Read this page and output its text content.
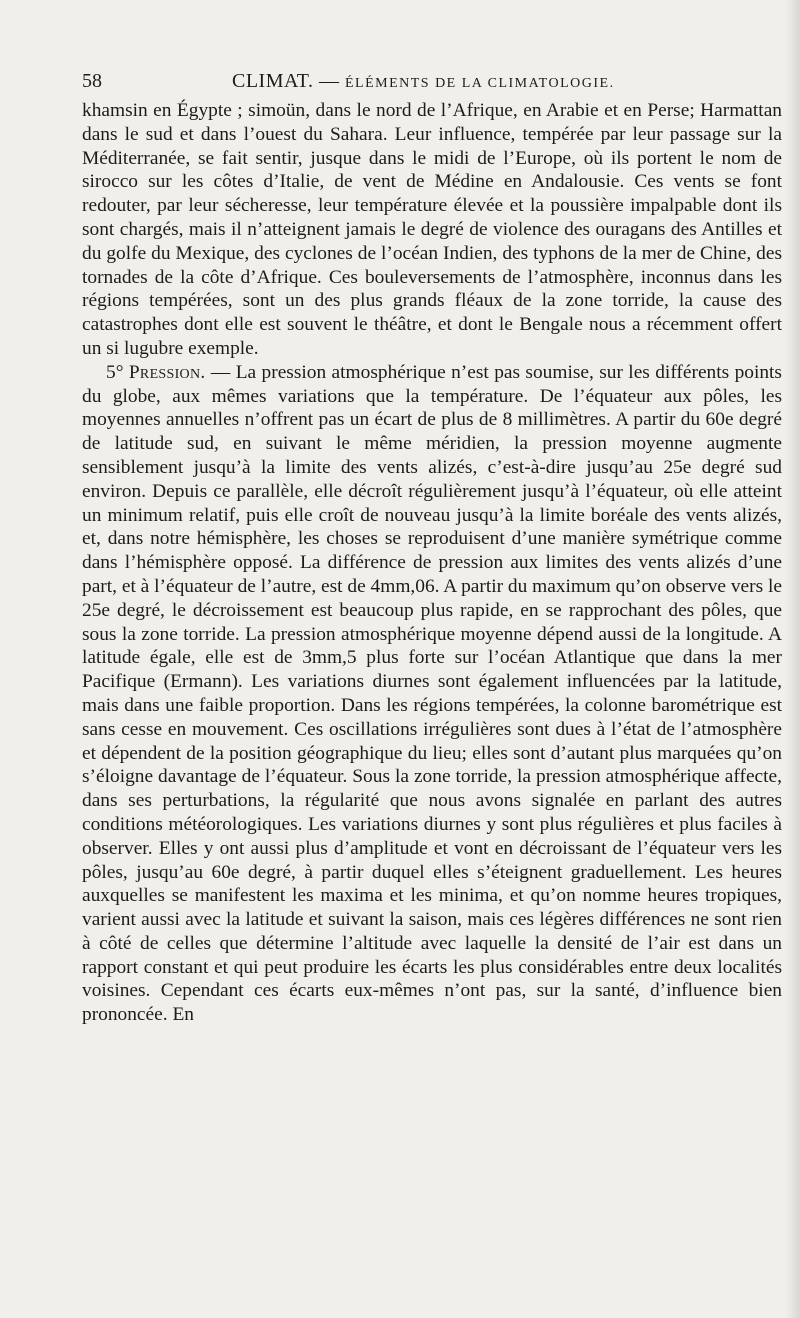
58	CLIMAT. — ÉLÉMENTS DE LA CLIMATOLOGIE.

khamsin en Égypte ; simoün, dans le nord de l’Afrique, en Arabie et en Perse; Harmattan dans le sud et dans l’ouest du Sahara. Leur influence, tempérée par leur passage sur la Méditerranée, se fait sentir, jusque dans le midi de l’Europe, où ils portent le nom de sirocco sur les côtes d’Italie, de vent de Médine en Andalousie. Ces vents se font redouter, par leur sécheresse, leur température élevée et la poussière impalpable dont ils sont chargés, mais il n’atteignent jamais le degré de violence des ouragans des Antilles et du golfe du Mexique, des cyclones de l’océan Indien, des typhons de la mer de Chine, des tornades de la côte d’Afrique. Ces bouleversements de l’atmosphère, inconnus dans les régions tempérées, sont un des plus grands fléaux de la zone torride, la cause des catastrophes dont elle est souvent le théâtre, et dont le Bengale nous a récemment offert un si lugubre exemple.

5° Pression. — La pression atmosphérique n’est pas soumise, sur les différents points du globe, aux mêmes variations que la température. De l’équateur aux pôles, les moyennes annuelles n’offrent pas un écart de plus de 8 millimètres. A partir du 60e degré de latitude sud, en suivant le même méridien, la pression moyenne augmente sensiblement jusqu’à la limite des vents alizés, c’est-à-dire jusqu’au 25e degré sud environ. Depuis ce parallèle, elle décroît régulièrement jusqu’à l’équateur, où elle atteint un minimum relatif, puis elle croît de nouveau jusqu’à la limite boréale des vents alizés, et, dans notre hémisphère, les choses se reproduisent d’une manière symétrique comme dans l’hémisphère opposé. La différence de pression aux limites des vents alizés d’une part, et à l’équateur de l’autre, est de 4mm,06. A partir du maximum qu’on observe vers le 25e degré, le décroissement est beaucoup plus rapide, en se rapprochant des pôles, que sous la zone torride. La pression atmosphérique moyenne dépend aussi de la longitude. A latitude égale, elle est de 3mm,5 plus forte sur l’océan Atlantique que dans la mer Pacifique (Ermann). Les variations diurnes sont également influencées par la latitude, mais dans une faible proportion. Dans les régions tempérées, la colonne barométrique est sans cesse en mouvement. Ces oscillations irrégulières sont dues à l’état de l’atmosphère et dépendent de la position géographique du lieu; elles sont d’autant plus marquées qu’on s’éloigne davantage de l’équateur. Sous la zone torride, la pression atmosphérique affecte, dans ses perturbations, la régularité que nous avons signalée en parlant des autres conditions météorologiques. Les variations diurnes y sont plus régulières et plus faciles à observer. Elles y ont aussi plus d’amplitude et vont en décroissant de l’équateur vers les pôles, jusqu’au 60e degré, à partir duquel elles s’éteignent graduellement. Les heures auxquelles se manifestent les maxima et les minima, et qu’on nomme heures tropiques, varient aussi avec la latitude et suivant la saison, mais ces légères différences ne sont rien à côté de celles que détermine l’altitude avec laquelle la densité de l’air est dans un rapport constant et qui peut produire les écarts les plus considérables entre deux localités voisines. Cependant ces écarts eux-mêmes n’ont pas, sur la santé, d’influence bien prononcée. En
